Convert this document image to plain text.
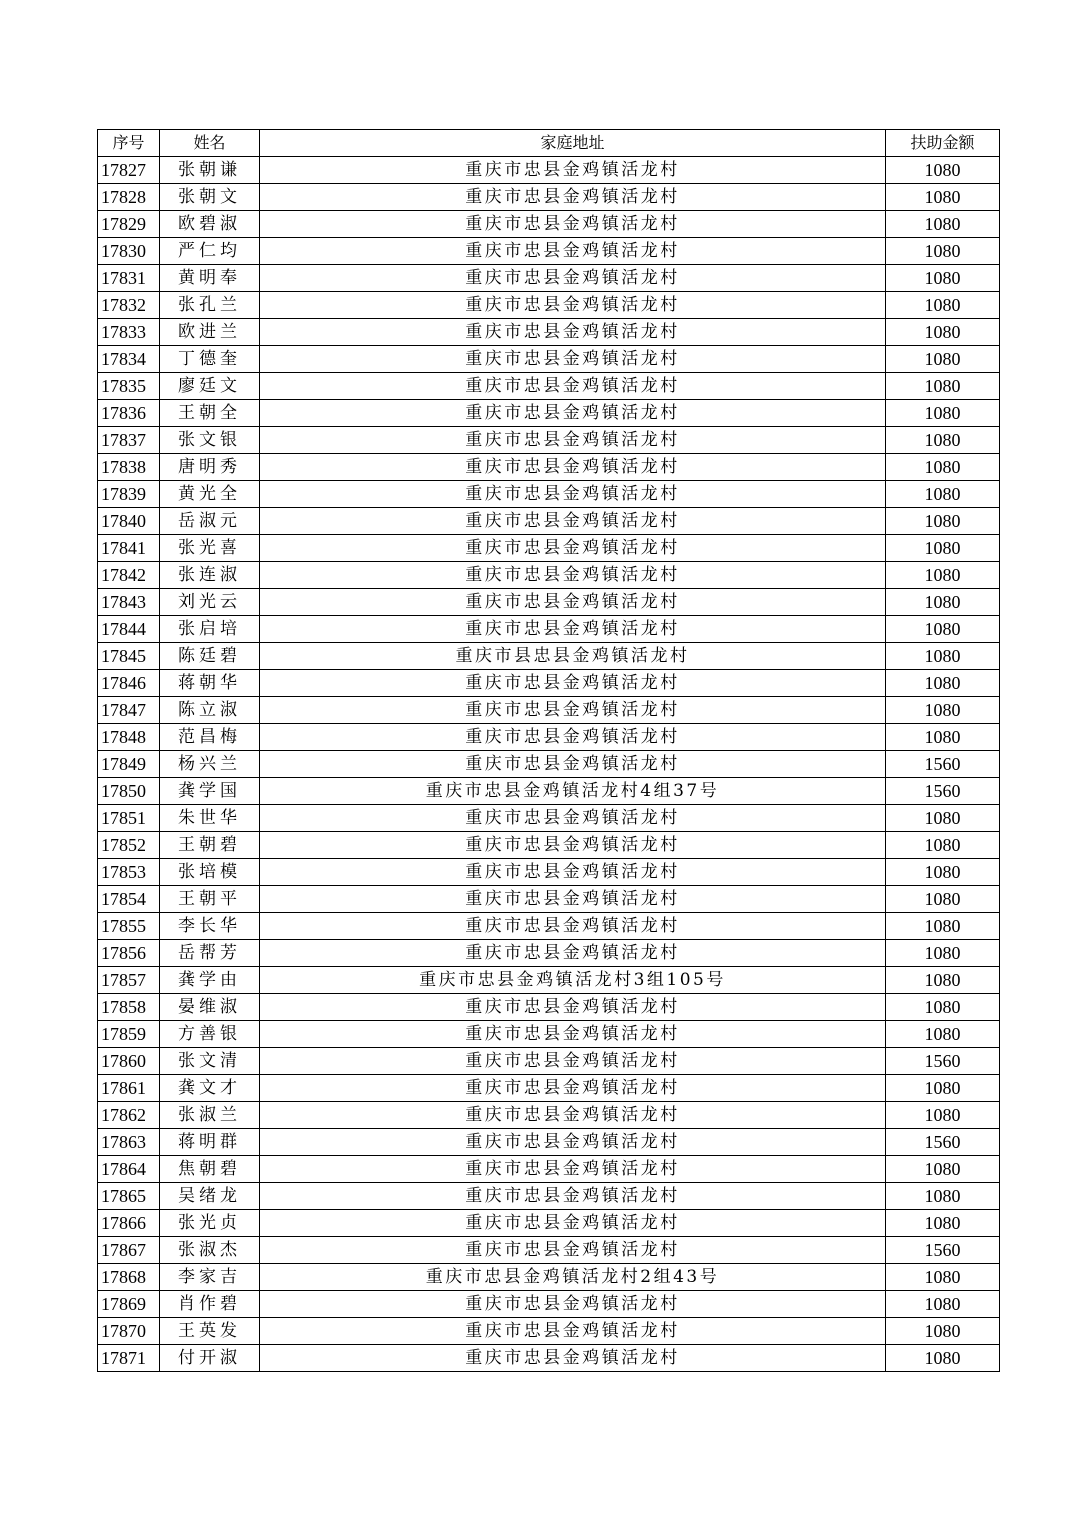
序号	姓名	家庭地址	扶助金额
17827	张朝谦	重庆市忠县金鸡镇活龙村	1080
17828	张朝文	重庆市忠县金鸡镇活龙村	1080
17829	欧碧淑	重庆市忠县金鸡镇活龙村	1080
17830	严仁均	重庆市忠县金鸡镇活龙村	1080
17831	黄明奉	重庆市忠县金鸡镇活龙村	1080
17832	张孔兰	重庆市忠县金鸡镇活龙村	1080
17833	欧进兰	重庆市忠县金鸡镇活龙村	1080
17834	丁德奎	重庆市忠县金鸡镇活龙村	1080
17835	廖廷文	重庆市忠县金鸡镇活龙村	1080
17836	王朝全	重庆市忠县金鸡镇活龙村	1080
17837	张文银	重庆市忠县金鸡镇活龙村	1080
17838	唐明秀	重庆市忠县金鸡镇活龙村	1080
17839	黄光全	重庆市忠县金鸡镇活龙村	1080
17840	岳淑元	重庆市忠县金鸡镇活龙村	1080
17841	张光喜	重庆市忠县金鸡镇活龙村	1080
17842	张连淑	重庆市忠县金鸡镇活龙村	1080
17843	刘光云	重庆市忠县金鸡镇活龙村	1080
17844	张启培	重庆市忠县金鸡镇活龙村	1080
17845	陈廷碧	重庆市县忠县金鸡镇活龙村	1080
17846	蒋朝华	重庆市忠县金鸡镇活龙村	1080
17847	陈立淑	重庆市忠县金鸡镇活龙村	1080
17848	范昌梅	重庆市忠县金鸡镇活龙村	1080
17849	杨兴兰	重庆市忠县金鸡镇活龙村	1560
17850	龚学国	重庆市忠县金鸡镇活龙村4组37号	1560
17851	朱世华	重庆市忠县金鸡镇活龙村	1080
17852	王朝碧	重庆市忠县金鸡镇活龙村	1080
17853	张培模	重庆市忠县金鸡镇活龙村	1080
17854	王朝平	重庆市忠县金鸡镇活龙村	1080
17855	李长华	重庆市忠县金鸡镇活龙村	1080
17856	岳帮芳	重庆市忠县金鸡镇活龙村	1080
17857	龚学由	重庆市忠县金鸡镇活龙村3组105号	1080
17858	晏维淑	重庆市忠县金鸡镇活龙村	1080
17859	方善银	重庆市忠县金鸡镇活龙村	1080
17860	张文清	重庆市忠县金鸡镇活龙村	1560
17861	龚文才	重庆市忠县金鸡镇活龙村	1080
17862	张淑兰	重庆市忠县金鸡镇活龙村	1080
17863	蒋明群	重庆市忠县金鸡镇活龙村	1560
17864	焦朝碧	重庆市忠县金鸡镇活龙村	1080
17865	吴绪龙	重庆市忠县金鸡镇活龙村	1080
17866	张光贞	重庆市忠县金鸡镇活龙村	1080
17867	张淑杰	重庆市忠县金鸡镇活龙村	1560
17868	李家吉	重庆市忠县金鸡镇活龙村2组43号	1080
17869	肖作碧	重庆市忠县金鸡镇活龙村	1080
17870	王英发	重庆市忠县金鸡镇活龙村	1080
17871	付开淑	重庆市忠县金鸡镇活龙村	1080
